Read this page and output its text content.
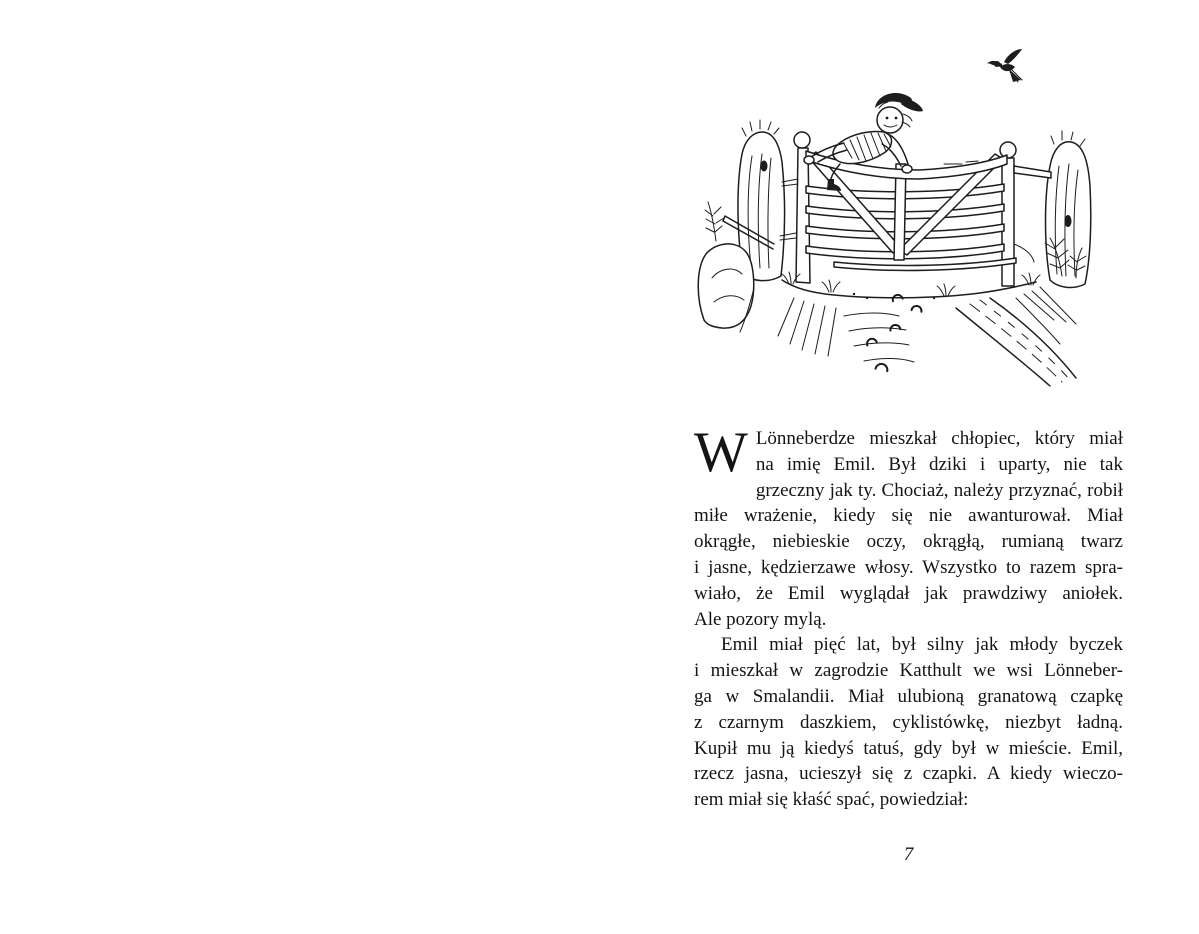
W Lönneberdze mieszkał chłopiec, który miał
na imię Emil. Był dziki i uparty, nie tak
grzeczny jak ty. Chociaż, należy przyznać, robił
miłe wrażenie, kiedy się nie awanturował. Miał
okrągłe, niebieskie oczy, okrągłą, rumianą twarz
i jasne, kędzierzawe włosy. Wszystko to razem spra-
wiało, że Emil wyglądał jak prawdziwy aniołek.
Ale pozory mylą.
Emil miał pięć lat, był silny jak młody byczek
i mieszkał w zagrodzie Katthult we wsi Lönneber-
ga w Smalandii. Miał ulubioną granatową czapkę
z czarnym daszkiem, cyklistówkę, niezbyt ładną.
Kupił mu ją kiedyś tatuś, gdy był w mieście. Emil,
rzecz jasna, ucieszył się z czapki. A kiedy wieczo-
rem miał się kłaść spać, powiedział:
7
